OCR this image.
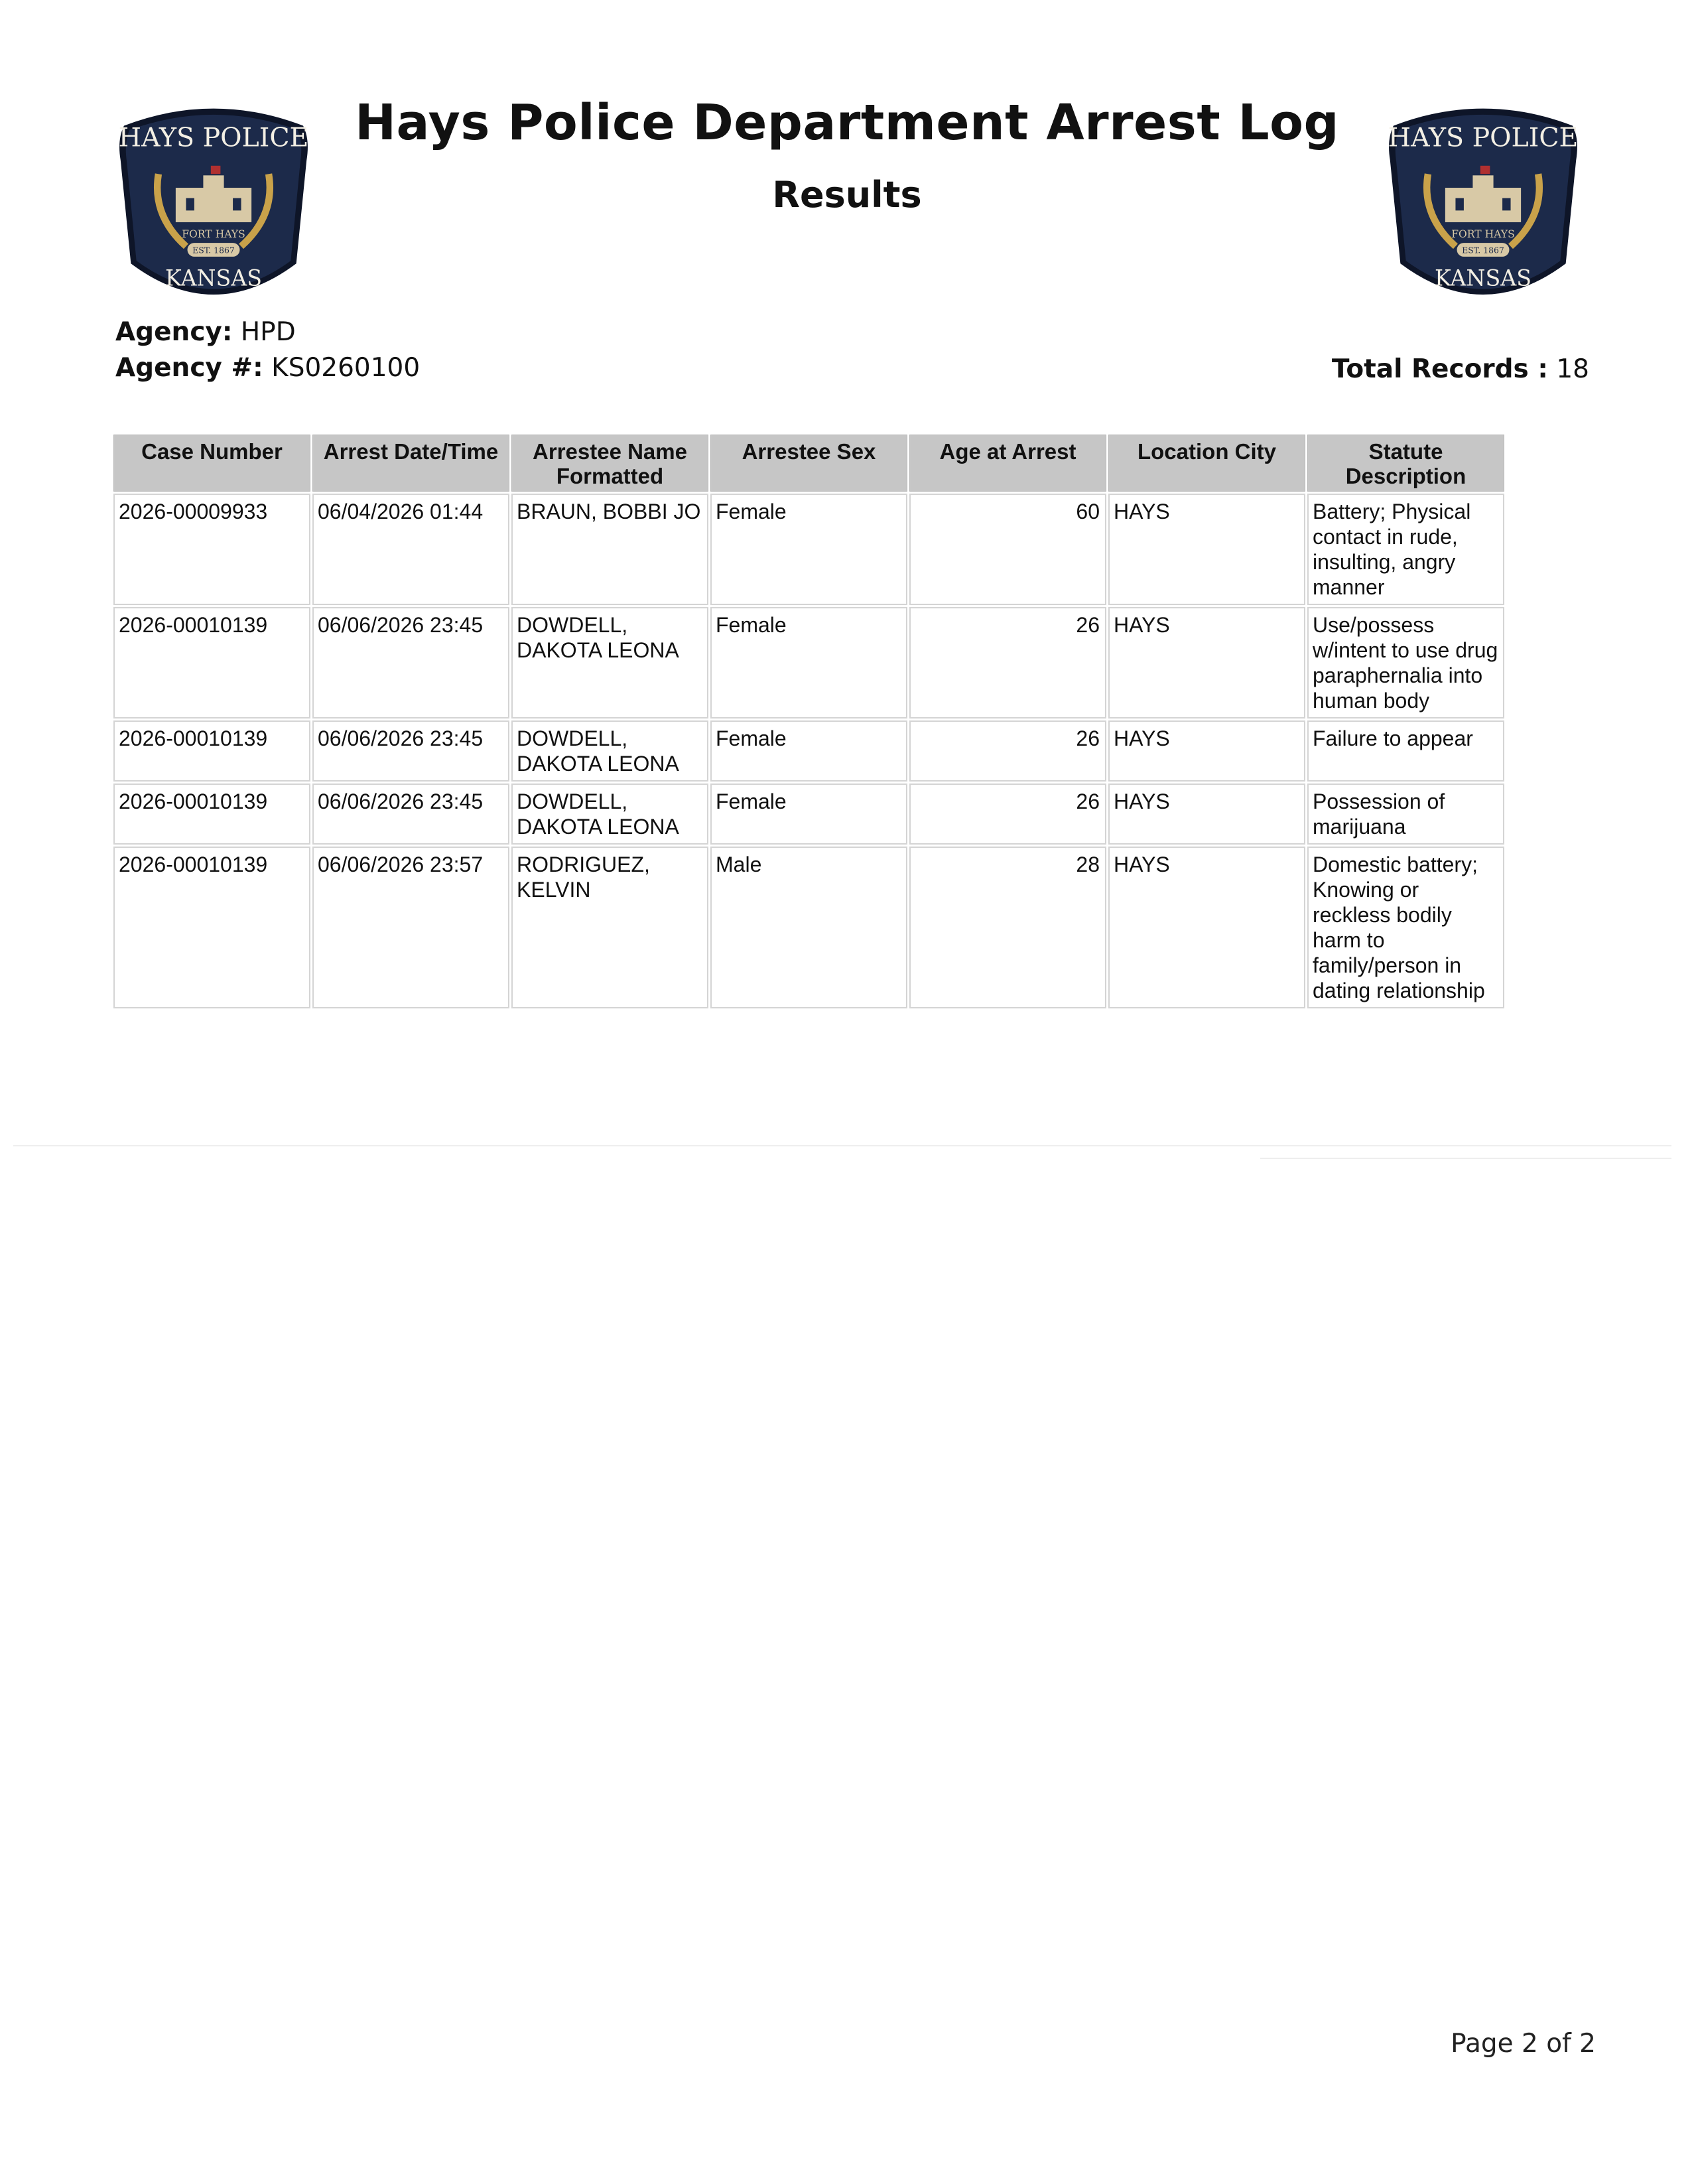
HAYS POLICE
FORT HAYS
EST. 1867
KANSAS
HAYS POLICE
FORT HAYS
EST. 1867
KANSAS
Hays Police Department Arrest Log
Results
Agency: HPD
Agency #: KS0260100	Total Records : 18
Case Number	Arrest Date/Time	Arrestee Name Formatted	Arrestee Sex	Age at Arrest	Location City	Statute Description
2026-00009933	06/04/2026 01:44	BRAUN, BOBBI JO	Female	60	HAYS	Battery; Physical contact in rude, insulting, angry manner
2026-00010139	06/06/2026 23:45	DOWDELL, DAKOTA LEONA	Female	26	HAYS	Use/possess w/intent to use drug paraphernalia into human body
2026-00010139	06/06/2026 23:45	DOWDELL, DAKOTA LEONA	Female	26	HAYS	Failure to appear
2026-00010139	06/06/2026 23:45	DOWDELL, DAKOTA LEONA	Female	26	HAYS	Possession of marijuana
2026-00010139	06/06/2026 23:57	RODRIGUEZ, KELVIN	Male	28	HAYS	Domestic battery; Knowing or reckless bodily harm to family/person in dating relationship
Page 2 of 2
